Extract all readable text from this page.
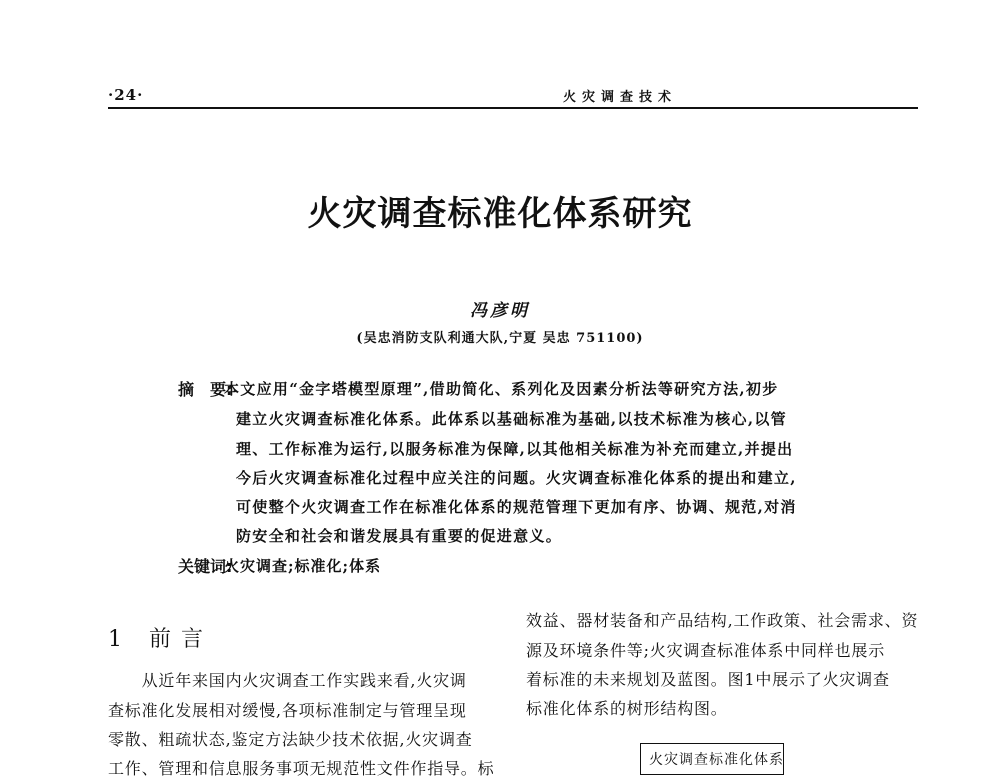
·24·	火灾调查技术
火灾调查标准化体系研究
冯彦明
(吴忠消防支队利通大队,宁夏 吴忠 751100)
摘　要:
本文应用“金字塔模型原理”,借助简化、系列化及因素分析法等研究方法,初步
建立火灾调查标准化体系。此体系以基础标准为基础,以技术标准为核心,以管
理、工作标准为运行,以服务标准为保障,以其他相关标准为补充而建立,并提出
今后火灾调查标准化过程中应关注的问题。火灾调查标准化体系的提出和建立,
可使整个火灾调查工作在标准化体系的规范管理下更加有序、协调、规范,对消
防安全和社会和谐发展具有重要的促进意义。
关键词:
火灾调查;标准化;体系
1 前言
　　从近年来国内火灾调查工作实践来看,火灾调
查标准化发展相对缓慢,各项标准制定与管理呈现
零散、粗疏状态,鉴定方法缺少技术依据,火灾调查
工作、管理和信息服务事项无规范性文件作指导。标
效益、器材装备和产品结构,工作政策、社会需求、资
源及环境条件等;火灾调查标准体系中同样也展示
着标准的未来规划及蓝图。图1中展示了火灾调查
标准化体系的树形结构图。
火灾调查标准化体系
